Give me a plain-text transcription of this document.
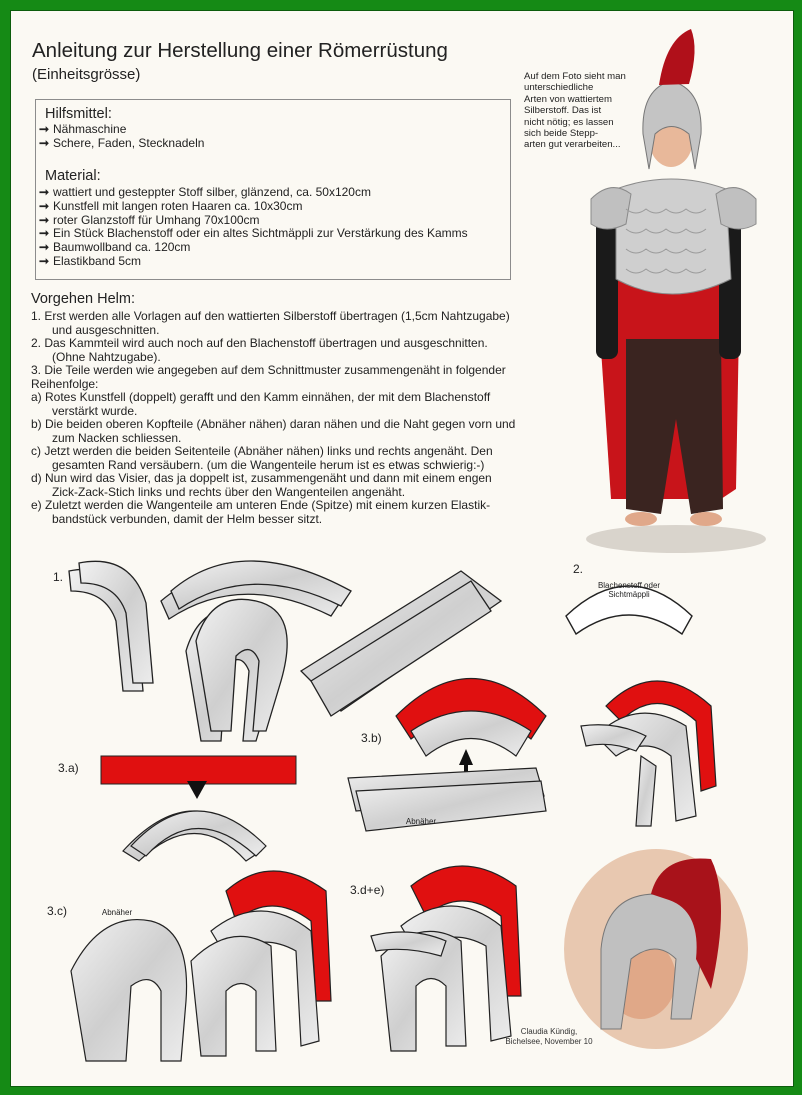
Anleitung zur Herstellung einer Römerrüstung
(Einheitsgrösse)
Hilfsmittel:
➞ Nähmaschine
➞ Schere, Faden, Stecknadeln
Material:
➞ wattiert und gesteppter Stoff silber, glänzend, ca. 50x120cm
➞ Kunstfell mit langen roten Haaren ca. 10x30cm
➞ roter Glanzstoff für Umhang 70x100cm
➞ Ein Stück Blachenstoff oder ein altes Sichtmäppli zur Verstärkung des Kamms
➞ Baumwollband ca. 120cm
➞ Elastikband 5cm
Auf dem Foto sieht man
unterschiedliche
Arten von wattiertem
Silberstoff. Das ist
nicht nötig; es lassen
sich beide Stepp-
arten gut verarbeiten...
Vorgehen Helm:
1. Erst werden alle Vorlagen auf den wattierten Silberstoff übertragen (1,5cm Nahtzugabe)
und ausgeschnitten.
2. Das Kammteil wird auch noch auf den Blachenstoff übertragen und ausgeschnitten.
(Ohne Nahtzugabe).
3. Die Teile werden wie angegeben auf dem Schnittmuster zusammengenäht in folgender
Reihenfolge:
a) Rotes Kunstfell (doppelt) gerafft und den Kamm einnähen, der mit dem Blachenstoff
verstärkt wurde.
b) Die beiden oberen Kopfteile (Abnäher nähen) daran nähen und die Naht gegen vorn und
zum Nacken schliessen.
c) Jetzt werden die beiden Seitenteile (Abnäher nähen) links und rechts angenäht. Den
gesamten Rand versäubern. (um die Wangenteile herum ist es etwas schwierig:-)
d) Nun wird das Visier, das ja doppelt ist, zusammengenäht und dann mit einem engen
Zick-Zack-Stich links und rechts über den Wangenteilen angenäht.
e) Zuletzt werden die Wangenteile am unteren Ende (Spitze) mit einem kurzen Elastik-
bandstück verbunden, damit der Helm besser sitzt.
1.
2.
Blachenstoff oder
Sichtmäppli
3.b)
Abnäher
3.a)
3.c)	Abnäher
3.d+e)
Claudia Kündig,
Bichelsee, November 10
